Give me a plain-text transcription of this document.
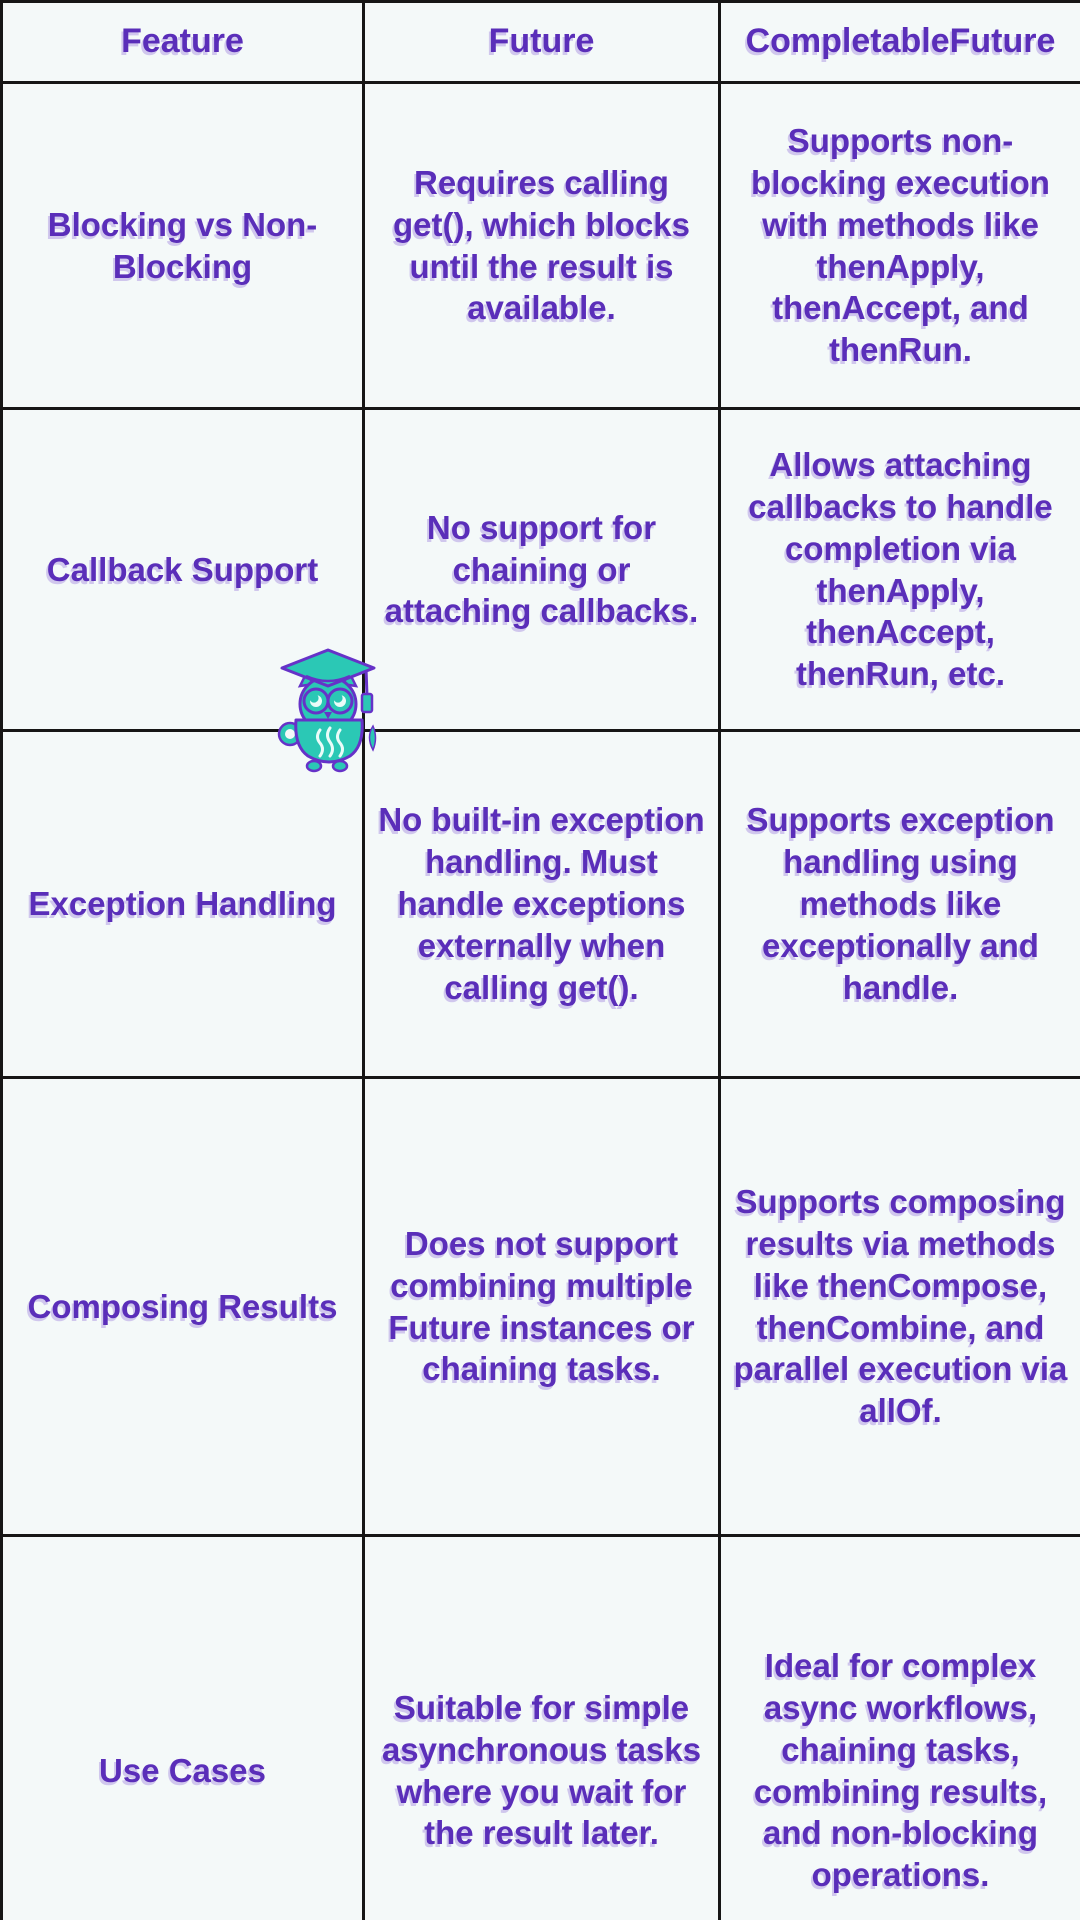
Feature	Future	CompletableFuture
Blocking vs Non-Blocking	Requires calling get(), which blocks until the result is available.	Supports non-blocking execution with methods like thenApply, thenAccept, and thenRun.
Callback Support	No support for chaining or attaching callbacks.	Allows attaching callbacks to handle completion via thenApply, thenAccept, thenRun, etc.
Exception Handling	No built-in exception handling. Must handle exceptions externally when calling get().	Supports exception handling using methods like exceptionally and handle.
Composing Results	Does not support combining multiple Future instances or chaining tasks.	Supports composing results via methods like thenCompose, thenCombine, and parallel execution via allOf.
Use Cases	Suitable for simple asynchronous tasks where you wait for the result later.	Ideal for complex async workflows, chaining tasks, combining results, and non-blocking operations.
